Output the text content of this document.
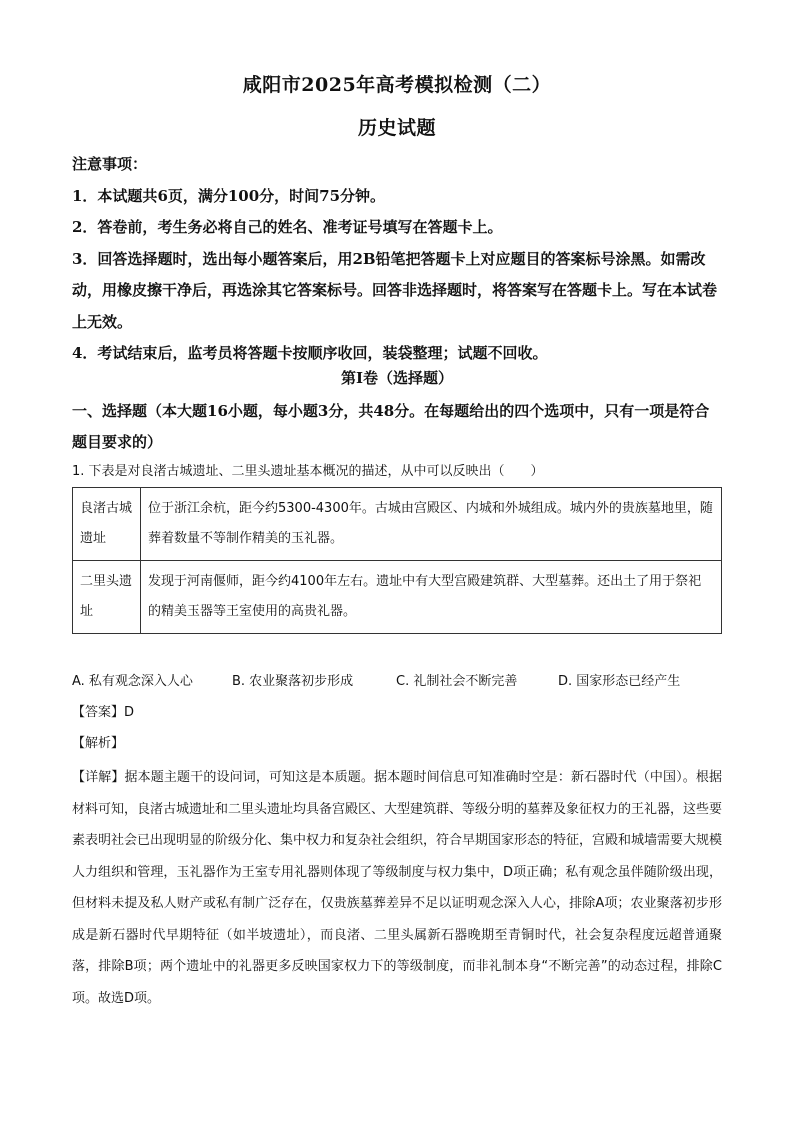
咸阳市2025年高考模拟检测（二）
历史试题

注意事项：

1．本试题共6页，满分100分，时间75分钟。

2．答卷前，考生务必将自己的姓名、准考证号填写在答题卡上。

3．回答选择题时，选出每小题答案后，用2B铅笔把答题卡上对应题目的答案标号涂黑。如需改动，用橡皮擦干净后，再选涂其它答案标号。回答非选择题时，将答案写在答题卡上。写在本试卷上无效。

4．考试结束后，监考员将答题卡按顺序收回，装袋整理；试题不回收。

第Ⅰ卷（选择题）
一、选择题（本大题16小题，每小题3分，共48分。在每题给出的四个选项中，只有一项是符合题目要求的）
1. 下表是对良渚古城遗址、二里头遗址基本概况的描述，从中可以反映出（　　）
良渚古城遗址	位于浙江余杭，距今约5300-4300年。古城由宫殿区、内城和外城组成。城内外的贵族墓地里，随葬着数量不等制作精美的玉礼器。
二里头遗址	发现于河南偃师，距今约4100年左右。遗址中有大型宫殿建筑群、大型墓葬。还出土了用于祭祀的精美玉器等王室使用的高贵礼器。
A. 私有观念深入人心	B. 农业聚落初步形成	C. 礼制社会不断完善	D. 国家形态已经产生
【答案】D
【解析】
【详解】据本题主题干的设问词，可知这是本质题。据本题时间信息可知准确时空是：新石器时代（中国）。根据材料可知，良渚古城遗址和二里头遗址均具备宫殿区、大型建筑群、等级分明的墓葬及象征权力的王礼器，这些要素表明社会已出现明显的阶级分化、集中权力和复杂社会组织，符合早期国家形态的特征，宫殿和城墙需要大规模人力组织和管理，玉礼器作为王室专用礼器则体现了等级制度与权力集中，D项正确；私有观念虽伴随阶级出现，但材料未提及私人财产或私有制广泛存在，仅贵族墓葬差异不足以证明观念深入人心，排除A项；农业聚落初步形成是新石器时代早期特征（如半坡遗址），而良渚、二里头属新石器晚期至青铜时代，社会复杂程度远超普通聚落，排除B项；两个遗址中的礼器更多反映国家权力下的等级制度，而非礼制本身“不断完善”的动态过程，排除C项。故选D项。
